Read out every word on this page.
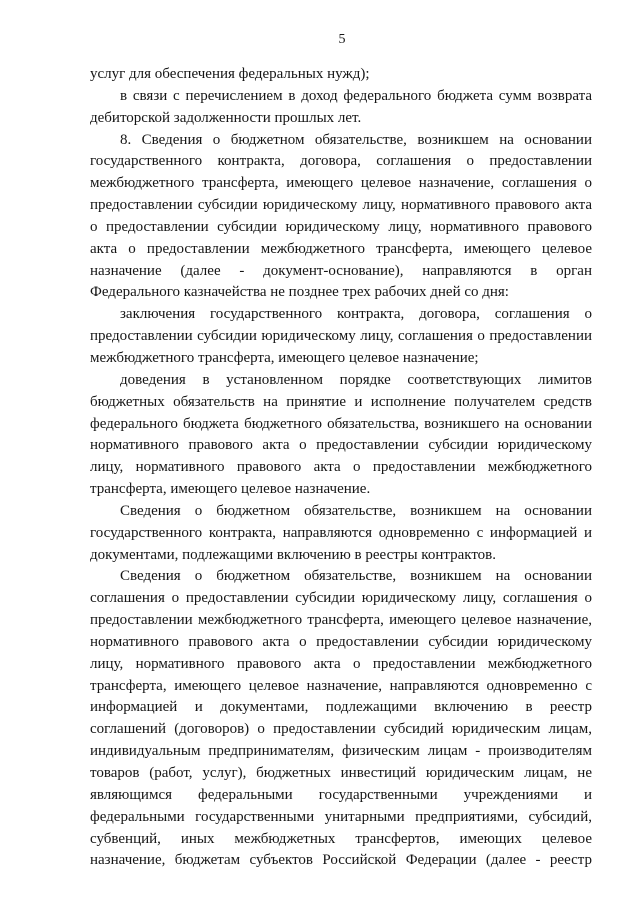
5
услуг для обеспечения федеральных нужд);
в связи с перечислением в доход федерального бюджета сумм возврата
дебиторской задолженности прошлых лет.
8. Сведения о бюджетном обязательстве, возникшем на основании
государственного контракта, договора, соглашения о предоставлении
межбюджетного трансферта, имеющего целевое назначение, соглашения о
предоставлении субсидии юридическому лицу, нормативного правового акта
о предоставлении субсидии юридическому лицу, нормативного правового
акта о предоставлении межбюджетного трансферта, имеющего целевое
назначение (далее - документ-основание), направляются в орган
Федерального казначейства не позднее трех рабочих дней со дня:
заключения государственного контракта, договора, соглашения о
предоставлении субсидии юридическому лицу, соглашения о предоставлении
межбюджетного трансферта, имеющего целевое назначение;
доведения в установленном порядке соответствующих лимитов
бюджетных обязательств на принятие и исполнение получателем средств
федерального бюджета бюджетного обязательства, возникшего на основании
нормативного правового акта о предоставлении субсидии юридическому
лицу, нормативного правового акта о предоставлении межбюджетного
трансферта, имеющего целевое назначение.
Сведения о бюджетном обязательстве, возникшем на основании
государственного контракта, направляются одновременно с информацией и
документами, подлежащими включению в реестры контрактов.
Сведения о бюджетном обязательстве, возникшем на основании
соглашения о предоставлении субсидии юридическому лицу, соглашения о
предоставлении межбюджетного трансферта, имеющего целевое назначение,
нормативного правового акта о предоставлении субсидии юридическому
лицу, нормативного правового акта о предоставлении межбюджетного
трансферта, имеющего целевое назначение, направляются одновременно с
информацией и документами, подлежащими включению в реестр
соглашений (договоров) о предоставлении субсидий юридическим лицам,
индивидуальным предпринимателям, физическим лицам - производителям
товаров (работ, услуг), бюджетных инвестиций юридическим лицам, не
являющимся федеральными государственными учреждениями и
федеральными государственными унитарными предприятиями, субсидий,
субвенций, иных межбюджетных трансфертов, имеющих целевое
назначение, бюджетам субъектов Российской Федерации (далее - реестр
